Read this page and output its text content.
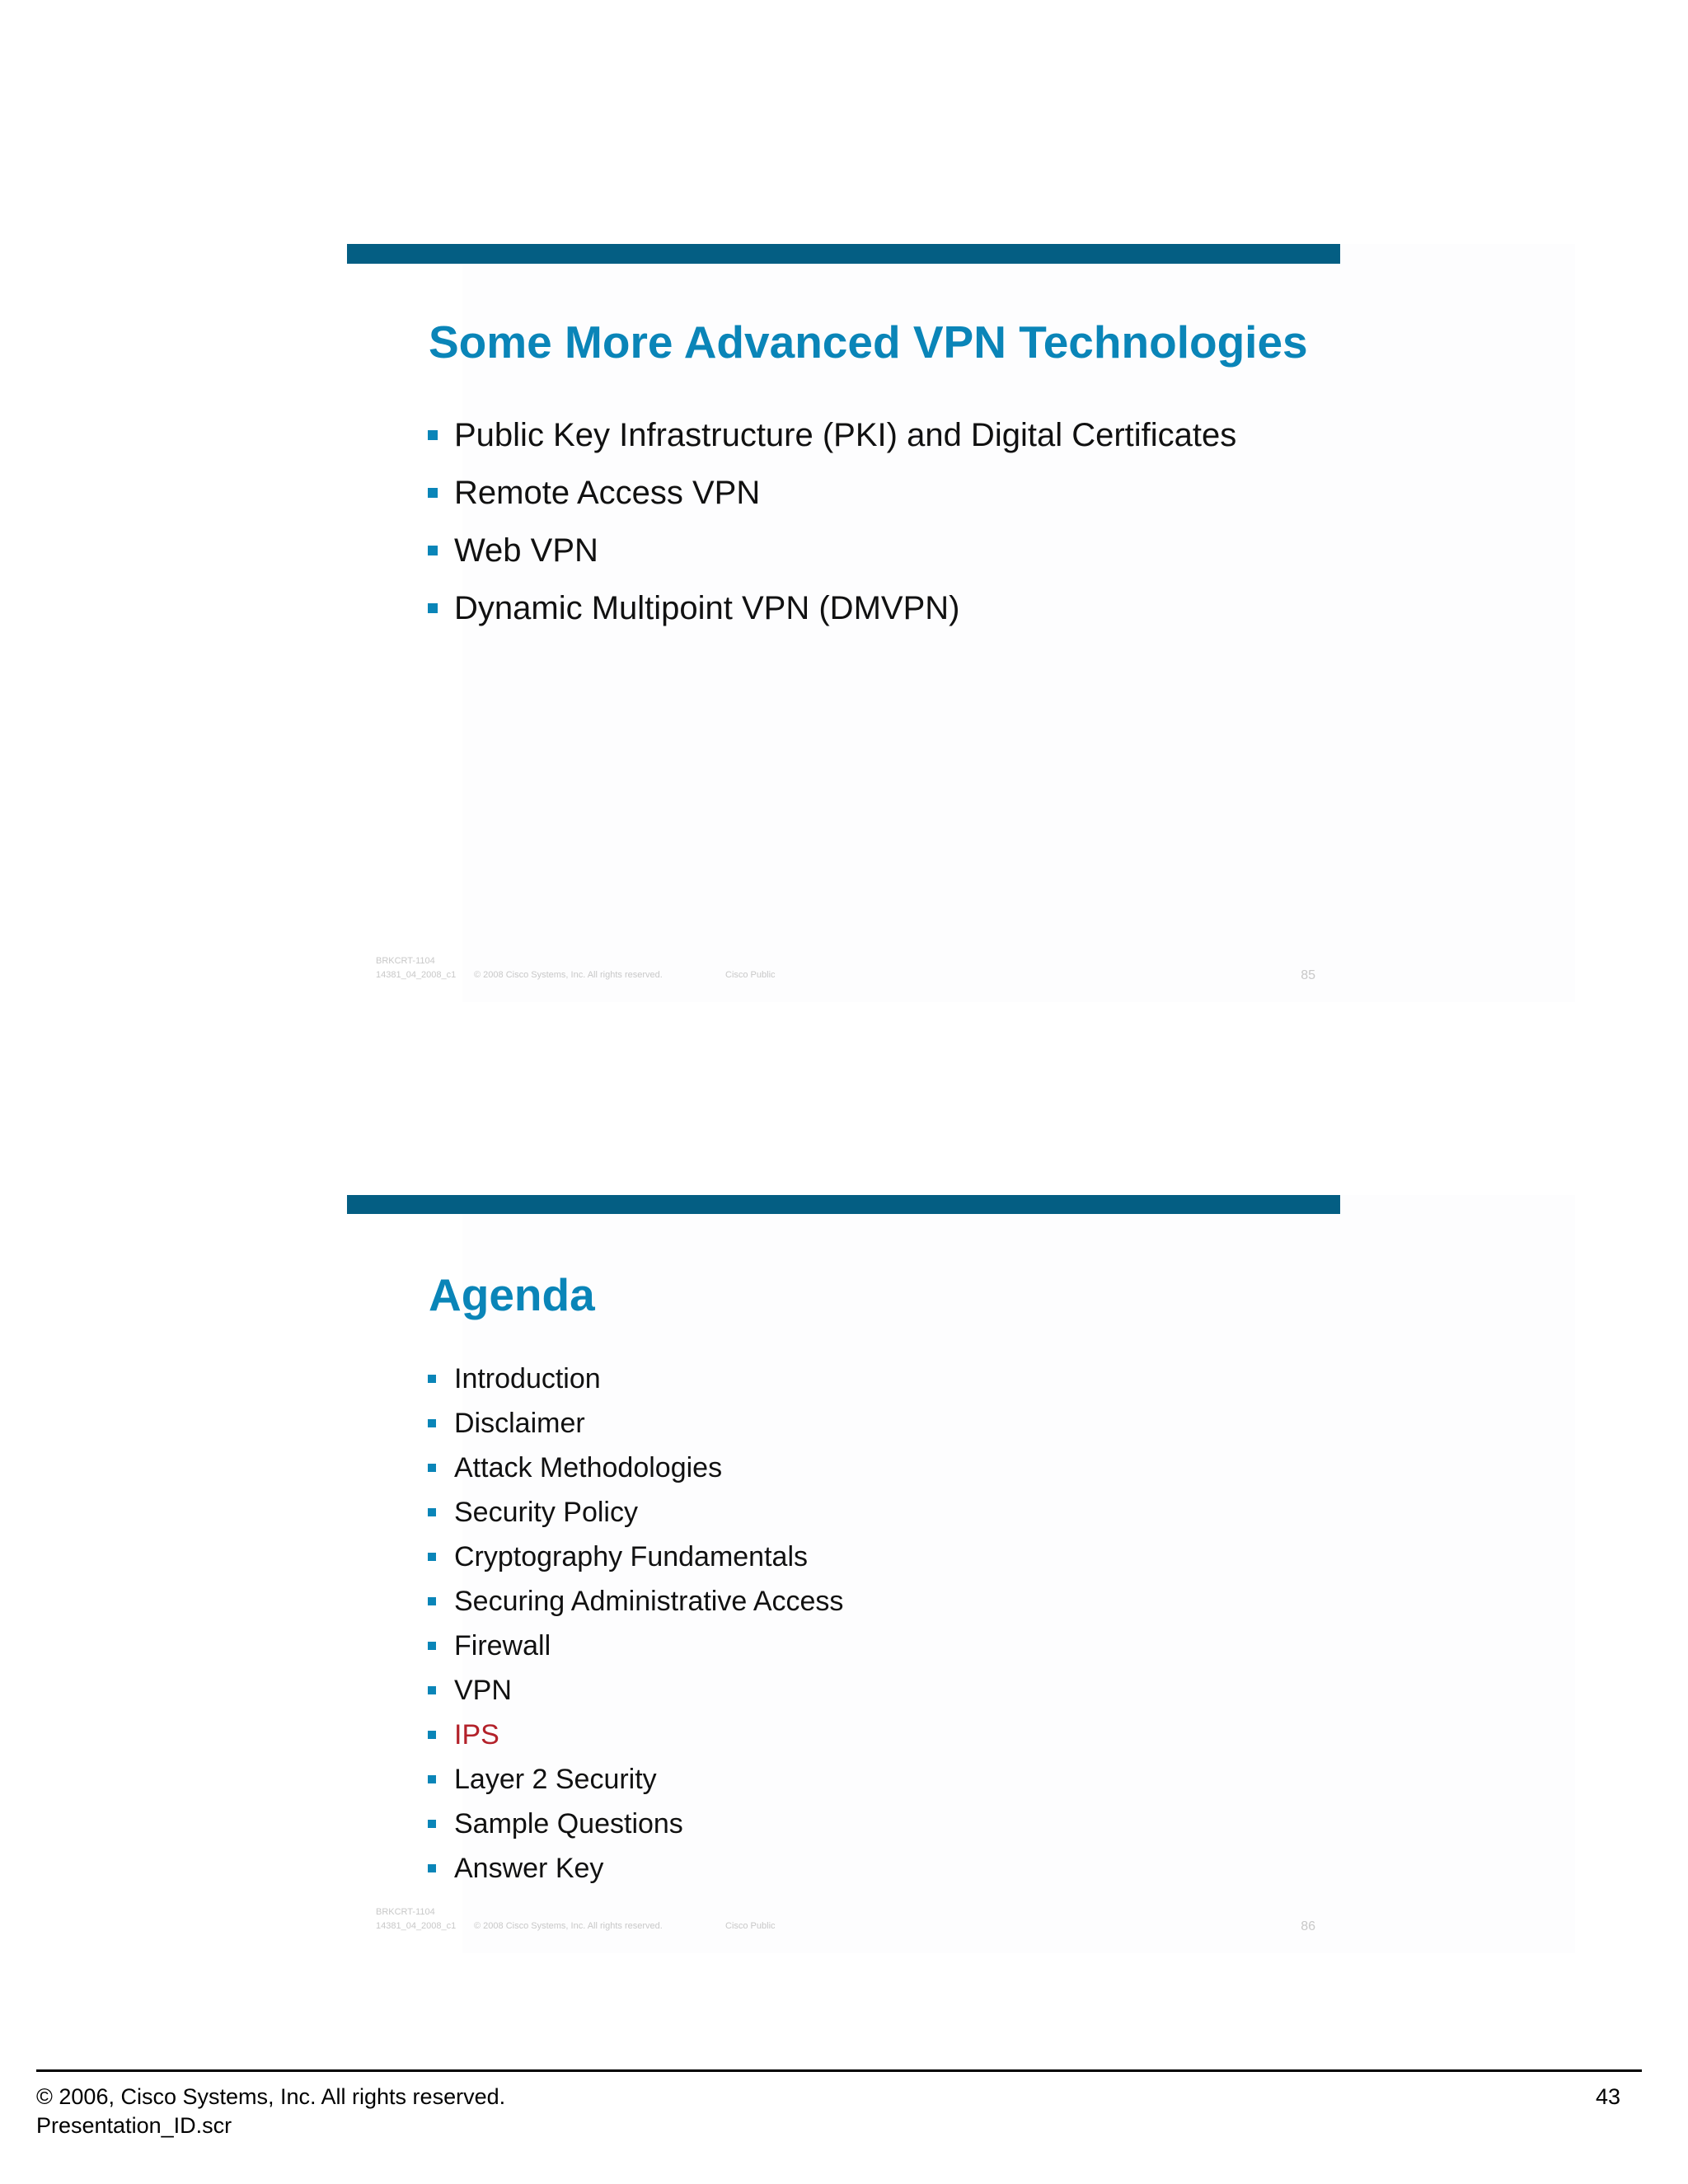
Some More Advanced VPN Technologies
Public Key Infrastructure (PKI) and Digital Certificates
Remote Access VPN
Web VPN
Dynamic Multipoint VPN (DMVPN)
BRKCRT-1104
14381_04_2008_c1 © 2008 Cisco Systems, Inc. All rights reserved.	Cisco Public	85
Agenda
Introduction
Disclaimer
Attack Methodologies
Security Policy
Cryptography Fundamentals
Securing Administrative Access
Firewall
VPN
IPS
Layer 2 Security
Sample Questions
Answer Key
BRKCRT-1104
14381_04_2008_c1 © 2008 Cisco Systems, Inc. All rights reserved.	Cisco Public	86
© 2006, Cisco Systems, Inc. All rights reserved.
Presentation_ID.scr
43
